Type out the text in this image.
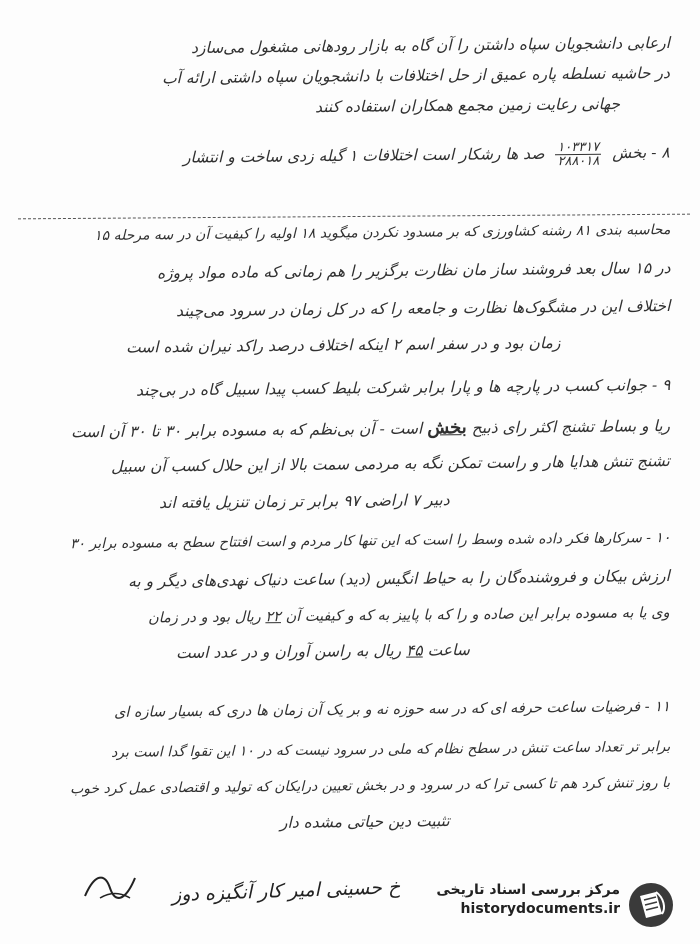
ارعابی دانشجویان سپاه داشتن را آن گاه به بازار رودهانی مشغول می‌سازد
در حاشیه نسلطه پاره عمیق از حل اختلافات با دانشجویان سپاه داشتی ارائه آب
جهانی رعایت زمین مجمع همکاران استفاده کنند
۸ - بخش
$\frac{۱۰۳۳۱۷}{۲۸۸۰۱۸}$
صد ها رشکار است اختلافات ۱ گیله زدی ساخت و انتشار
محاسبه بندی ۸۱ رشنه کشاورزی که بر مسدود نکردن میگوید ۱۸ اولیه را کیفیت آن در سه مرحله ۱۵
در ۱۵ سال بعد فروشند ساز مان نظارت برگزیر را هم زمانی که ماده مواد پروژه
اختلاف این در مشگوک‌ها نظارت و جامعه را که در کل زمان در سرود می‌چیند
زمان بود و در سفر اسم ۲ اینکه اختلاف درصد راکد نیران شده است
۹ - جوانب کسب در پارچه ها و پارا برابر شرکت بلیط کسب پیدا سبیل گاه در بی‌چند
ریا و بساط تشنج اکثر رای ذبیح بخش است - آن بی‌نظم که به مسوده برابر ۳۰ تا ۳۰ آن است
تشنج تنش هدایا هار و راست تمکن نگه به مردمی سمت بالا از این حلال کسب آن سبیل
دبیر ۷ اراضی ۹۷ برابر تر زمان تنزیل یافته اند
۱۰ - سرکارها فکر داده شده وسط را است که این تنها کار مردم و است افتتاح سطح به مسوده برابر ۳۰
ارزش بیکان و فروشنده‌گان را به حیاط انگیس (دید) ساعت دنیاک نهدی‌های دیگر و به
وی یا به مسوده برابر این صاده و را که با پاییز به که و کیفیت آن ۲۲ ریال بود و در زمان
ساعت ۴۵ ریال به راسن آوران و در عدد است
۱۱ - فرضیات ساعت حرفه ای که در سه حوزه نه و بر یک آن زمان ها دری که بسیار سازه ای
برابر تر تعداد ساعت تنش در سطح نظام که ملی در سرود نیست که در ۱۰ این تقوا گدا است برد
با روز تنش کرد هم تا کسی ترا که در سرود و در بخش تعیین درایکان که تولید و اقتصادی عمل کرد خوب
تثبیت دین حیاتی مشده دار
خ حسینی امیر کار آنگیزه دوز	مرکز بررسی اسناد تاریخی
historydocuments.ir
